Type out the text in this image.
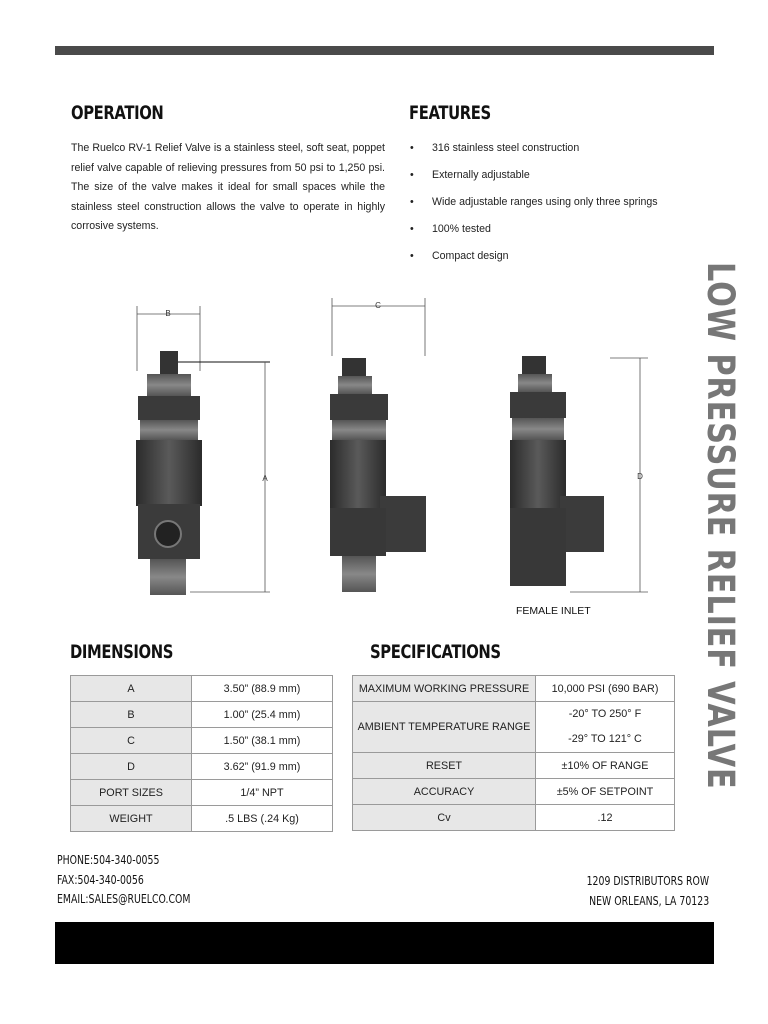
OPERATION
The Ruelco RV-1 Relief Valve is a stainless steel, soft seat, poppet relief valve capable of relieving pressures from 50 psi to 1,250 psi. The size of the valve makes it ideal for small spaces while the stainless steel construction allows the valve to operate in highly corrosive systems.
FEATURES
• 316 stainless steel construction
• Externally adjustable
• Wide adjustable ranges using only three springs
• 100% tested
• Compact design
LOW PRESSURE RELIEF VALVE
B
C
A	D
FEMALE INLET
DIMENSIONS
A	3.50” (88.9 mm)
B	1.00” (25.4 mm)
C	1.50” (38.1 mm)
D	3.62” (91.9 mm)
PORT SIZES	1/4” NPT
WEIGHT	.5 LBS (.24 Kg)
SPECIFICATIONS
MAXIMUM WORKING PRESSURE	10,000 PSI (690 BAR)
AMBIENT TEMPERATURE RANGE	-20° TO 250° F
-29° TO 121° C

RESET	±10% OF RANGE
ACCURACY	±5% OF SETPOINT
Cv	.12
PHONE:504-340-0055
FAX:504-340-0056
EMAIL:SALES@RUELCO.COM
1209 DISTRIBUTORS ROW
NEW ORLEANS, LA 70123
